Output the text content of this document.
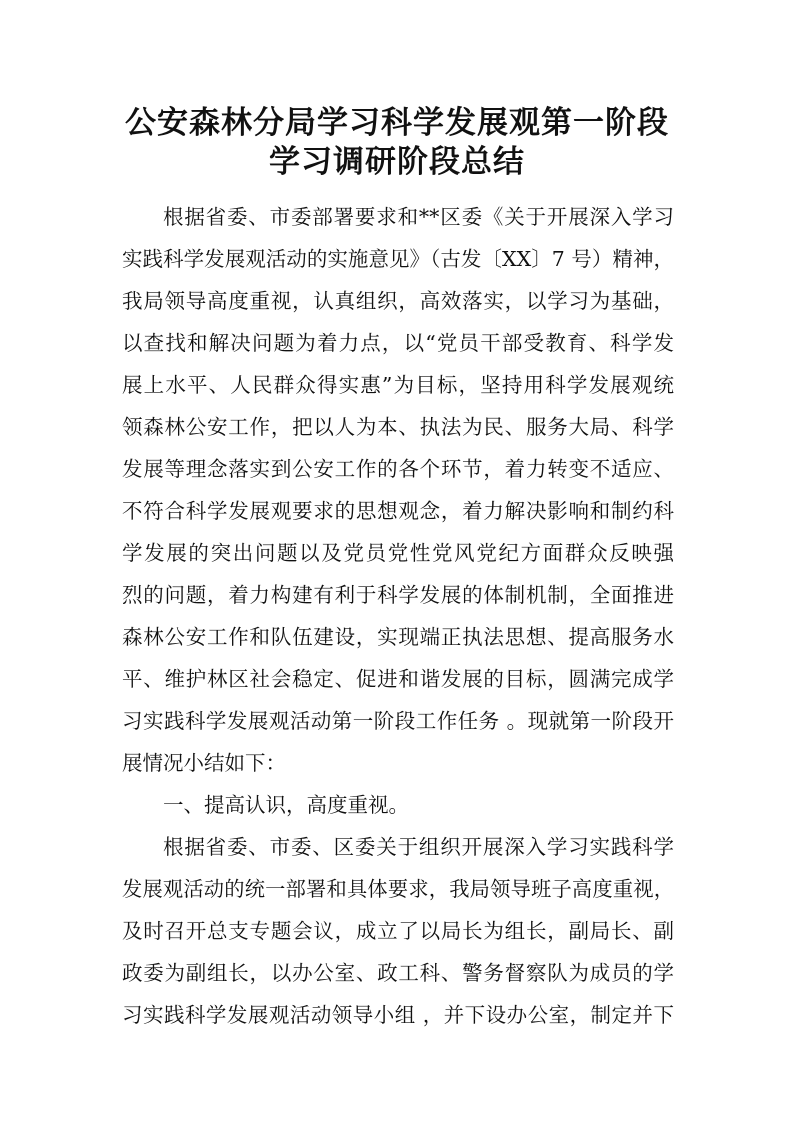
公安森林分局学习科学发展观第一阶段
学习调研阶段总结
根据省委、市委部署要求和**区委《关于开展深入学习
实践科学发展观活动的实施意见》（古发〔XX〕7 号）精神，
我局领导高度重视，认真组织，高效落实，以学习为基础，
以查找和解决问题为着力点，以“党员干部受教育、科学发
展上水平、人民群众得实惠”为目标，坚持用科学发展观统
领森林公安工作，把以人为本、执法为民、服务大局、科学
发展等理念落实到公安工作的各个环节，着力转变不适应、
不符合科学发展观要求的思想观念，着力解决影响和制约科
学发展的突出问题以及党员党性党风党纪方面群众反映强
烈的问题，着力构建有利于科学发展的体制机制，全面推进
森林公安工作和队伍建设，实现端正执法思想、提高服务水
平、维护林区社会稳定、促进和谐发展的目标，圆满完成学
习实践科学发展观活动第一阶段工作任务 。现就第一阶段开
展情况小结如下：
一、提高认识，高度重视。
根据省委、市委、区委关于组织开展深入学习实践科学
发展观活动的统一部署和具体要求，我局领导班子高度重视，
及时召开总支专题会议，成立了以局长为组长，副局长、副
政委为副组长，以办公室、政工科、警务督察队为成员的学
习实践科学发展观活动领导小组 ，并下设办公室，制定并下
